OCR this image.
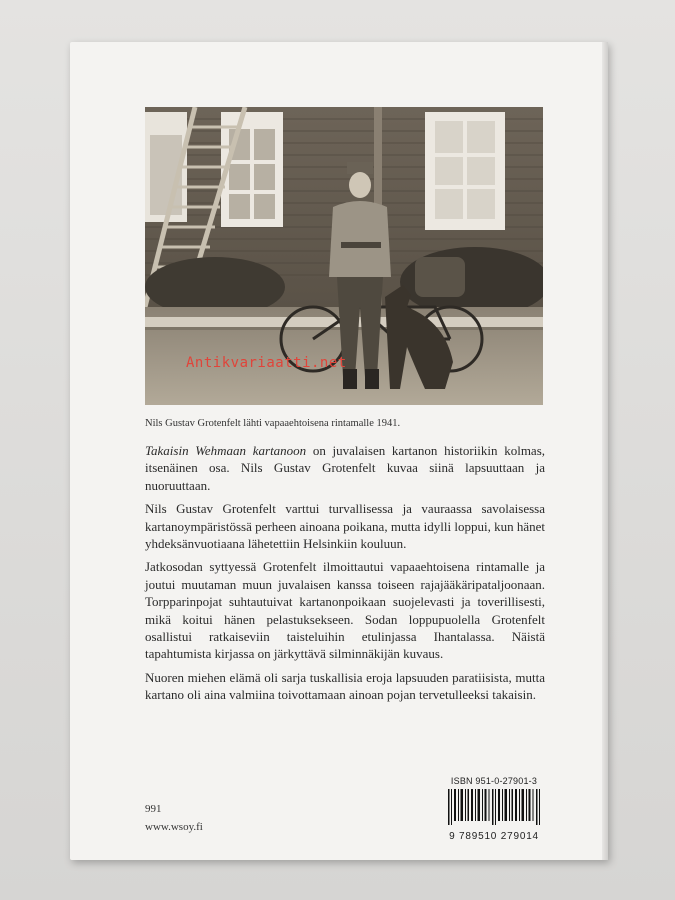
Nils Gustav Grotenfelt lähti vapaaehtoisena rintamalle 1941.

Takaisin Wehmaan kartanoon on juvalaisen kartanon historiikin kolmas, itsenäinen osa. Nils Gustav Grotenfelt kuvaa siinä lapsuuttaan ja nuoruuttaan.

Nils Gustav Grotenfelt varttui turvallisessa ja vauraassa savolaisessa kartanoympäristössä perheen ainoana poikana, mutta idylli loppui, kun hänet yhdeksänvuotiaana lähetettiin Helsinkiin kouluun.

Jatkosodan syttyessä Grotenfelt ilmoittautui vapaaehtoisena rintamalle ja joutui muutaman muun juvalaisen kanssa toiseen rajajääkäripataljoonaan. Torpparinpojat suhtautuivat kartanonpoikaan suojelevasti ja toverillisesti, mikä koitui hänen pelastuksekseen. Sodan loppupuolella Grotenfelt osallistui ratkaiseviin taisteluihin etulinjassa Ihantalassa. Näistä tapahtumista kirjassa on järkyttävä silminnäkijän kuvaus.

Nuoren miehen elämä oli sarja tuskallisia eroja lapsuuden paratiisista, mutta kartano oli aina valmiina toivottamaan ainoan pojan tervetulleeksi takaisin.

991
www.wsoy.fi
ISBN 951-0-27901-3
9 789510 279014
Antikvariaatti.net
